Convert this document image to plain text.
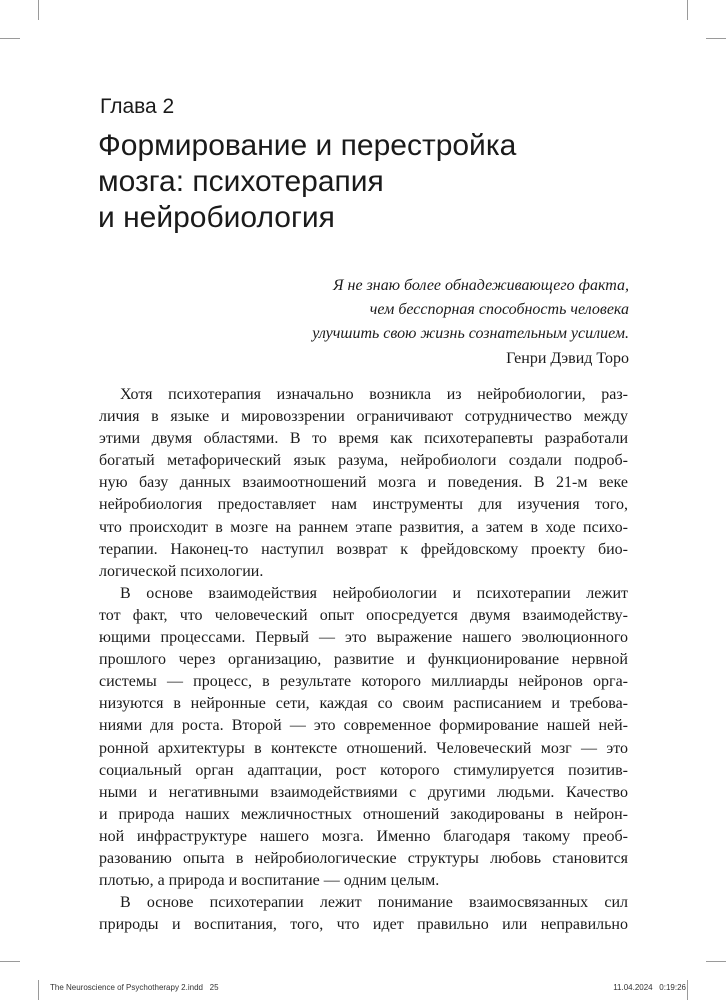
Глава 2
Формирование и перестройка
мозга: психотерапия
и нейробиология
Я не знаю более обнадеживающего факта,
чем бесспорная способность человека
улучшить свою жизнь сознательным усилием.
Генри Дэвид Торо

Хотя психотерапия изначально возникла из нейробиологии, раз-
личия в языке и мировоззрении ограничивают сотрудничество между
этими двумя областями. В то время как психотерапевты разработали
богатый метафорический язык разума, нейробиологи создали подроб-
ную базу данных взаимоотношений мозга и поведения. В 21-м веке
нейробиология предоставляет нам инструменты для изучения того,
что происходит в мозге на раннем этапе развития, а затем в ходе психо-
терапии. Наконец-то наступил возврат к фрейдовскому проекту био-
логической психологии.

В основе взаимодействия нейробиологии и психотерапии лежит
тот факт, что человеческий опыт опосредуется двумя взаимодейству-
ющими процессами. Первый — это выражение нашего эволюционного
прошлого через организацию, развитие и функционирование нервной
системы — процесс, в результате которого миллиарды нейронов орга-
низуются в нейронные сети, каждая со своим расписанием и требова-
ниями для роста. Второй — это современное формирование нашей ней-
ронной архитектуры в контексте отношений. Человеческий мозг — это
социальный орган адаптации, рост которого стимулируется позитив-
ными и негативными взаимодействиями с другими людьми. Качество
и природа наших межличностных отношений закодированы в нейрон-
ной инфраструктуре нашего мозга. Именно благодаря такому преоб-
разованию опыта в нейробиологические структуры любовь становится
плотью, а природа и воспитание — одним целым.

В основе психотерапии лежит понимание взаимосвязанных сил
природы и воспитания, того, что идет правильно или неправильно

The Neuroscience of Psychotherapy 2.indd   25	11.04.2024   0:19:26
